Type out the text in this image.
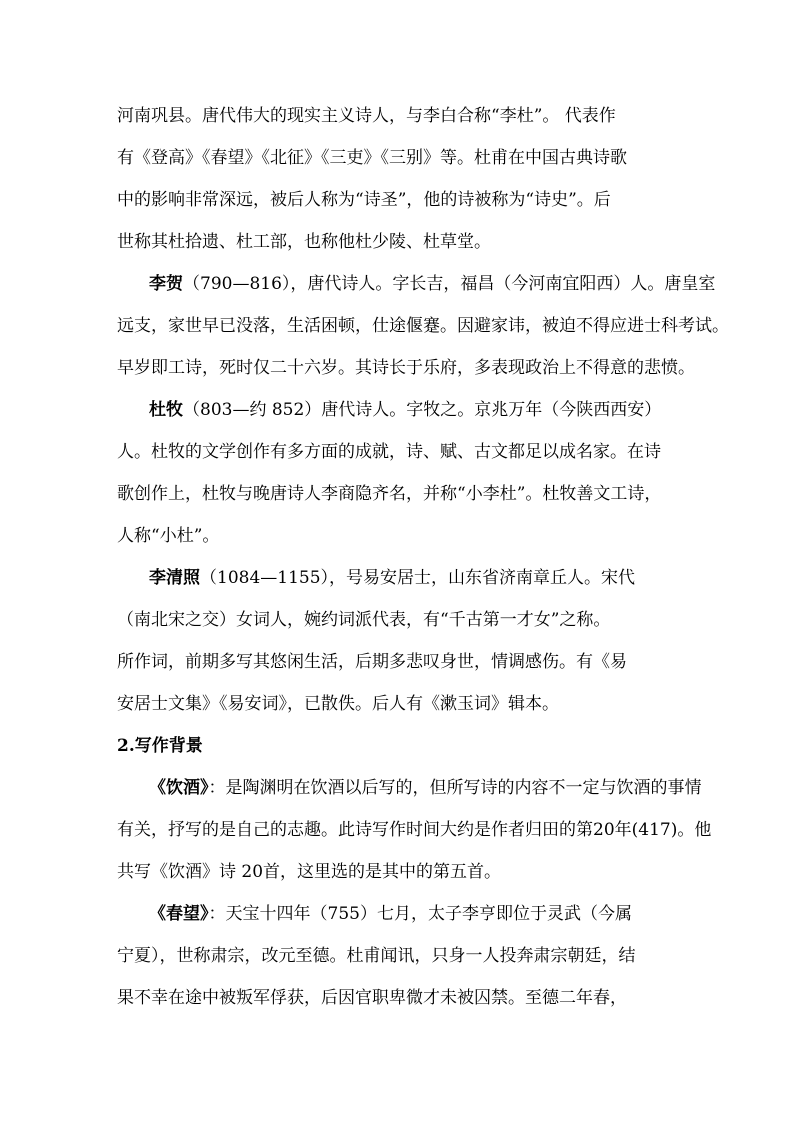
河南巩县。唐代伟大的现实主义诗人，与李白合称“李杜”。 代表作
有《登高》《春望》《北征》《三吏》《三别》等。杜甫在中国古典诗歌
中的影响非常深远，被后人称为“诗圣”，他的诗被称为“诗史”。后
世称其杜拾遗、杜工部，也称他杜少陵、杜草堂。
李贺（790—816），唐代诗人。字长吉，福昌（今河南宜阳西）人。唐皇室
远支，家世早已没落，生活困顿，仕途偃蹇。因避家讳，被迫不得应进士科考试。
早岁即工诗，死时仅二十六岁。其诗长于乐府，多表现政治上不得意的悲愤。
杜牧（803—约 852）唐代诗人。字牧之。京兆万年（今陕西西安）
人。杜牧的文学创作有多方面的成就，诗、赋、古文都足以成名家。在诗
歌创作上，杜牧与晚唐诗人李商隐齐名，并称“小李杜”。杜牧善文工诗，
人称“小杜”。
李清照（1084—1155），号易安居士，山东省济南章丘人。宋代
（南北宋之交）女词人，婉约词派代表，有“千古第一才女”之称。
所作词，前期多写其悠闲生活，后期多悲叹身世，情调感伤。有《易
安居士文集》《易安词》，已散佚。后人有《漱玉词》辑本。
2.写作背景
《饮酒》：是陶渊明在饮酒以后写的，但所写诗的内容不一定与饮酒的事情
有关，抒写的是自己的志趣。此诗写作时间大约是作者归田的第20年(417)。他
共写《饮酒》诗 20首，这里选的是其中的第五首。
《春望》：天宝十四年（755）七月，太子李亨即位于灵武（今属
宁夏），世称肃宗，改元至德。杜甫闻讯，只身一人投奔肃宗朝廷，结
果不幸在途中被叛军俘获，后因官职卑微才未被囚禁。至德二年春，
